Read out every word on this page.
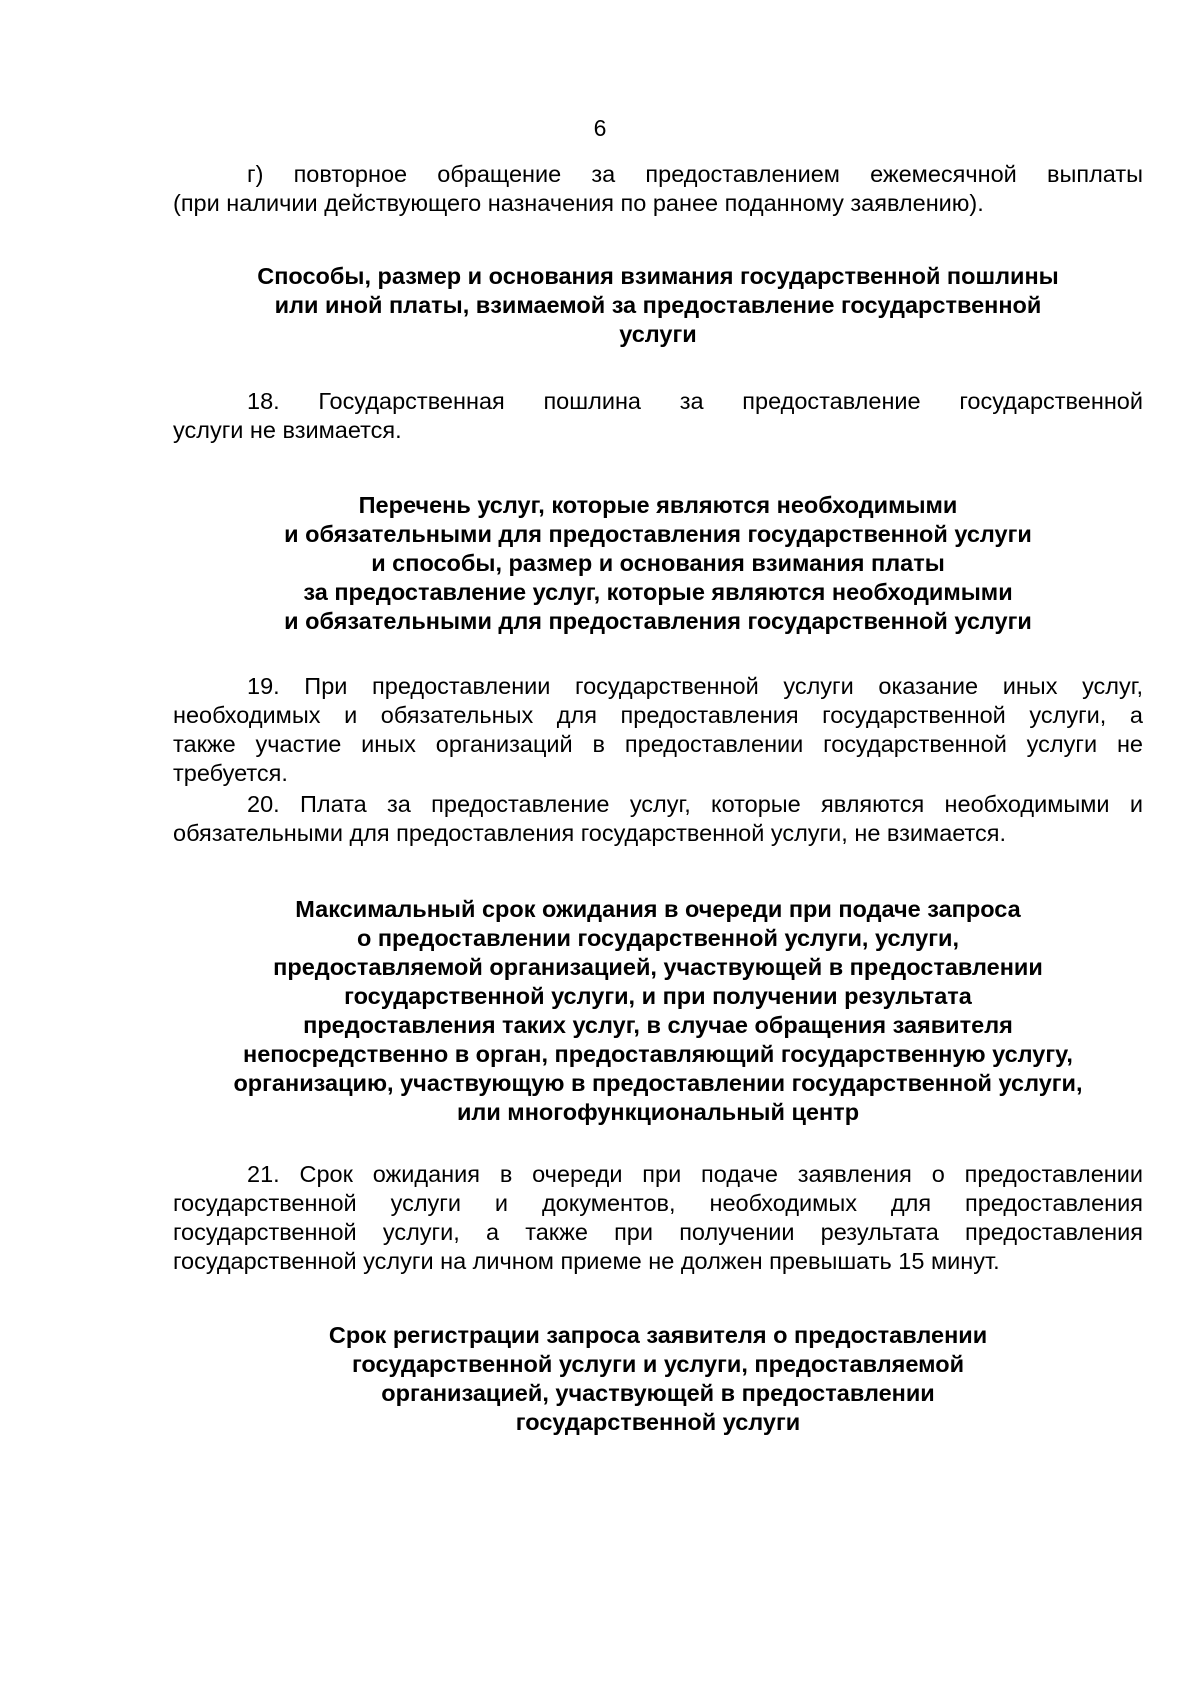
6
г) повторное обращение за предоставлением ежемесячной выплаты
(при наличии действующего назначения по ранее поданному заявлению).
Способы, размер и основания взимания государственной пошлины
или иной платы, взимаемой за предоставление государственной
услуги
18. Государственная пошлина за предоставление государственной
услуги не взимается.
Перечень услуг, которые являются необходимыми
и обязательными для предоставления государственной услуги
и способы, размер и основания взимания платы
за предоставление услуг, которые являются необходимыми
и обязательными для предоставления государственной услуги
19. При предоставлении государственной услуги оказание иных услуг,
необходимых и обязательных для предоставления государственной услуги, а
также участие иных организаций в предоставлении государственной услуги не
требуется.
20. Плата за предоставление услуг, которые являются необходимыми и
обязательными для предоставления государственной услуги, не взимается.
Максимальный срок ожидания в очереди при подаче запроса
о предоставлении государственной услуги, услуги,
предоставляемой организацией, участвующей в предоставлении
государственной услуги, и при получении результата
предоставления таких услуг, в случае обращения заявителя
непосредственно в орган, предоставляющий государственную услугу,
организацию, участвующую в предоставлении государственной услуги,
или многофункциональный центр
21. Срок ожидания в очереди при подаче заявления о предоставлении
государственной услуги и документов, необходимых для предоставления
государственной услуги, а также при получении результата предоставления
государственной услуги на личном приеме не должен превышать 15 минут.
Срок регистрации запроса заявителя о предоставлении
государственной услуги и услуги, предоставляемой
организацией, участвующей в предоставлении
государственной услуги
